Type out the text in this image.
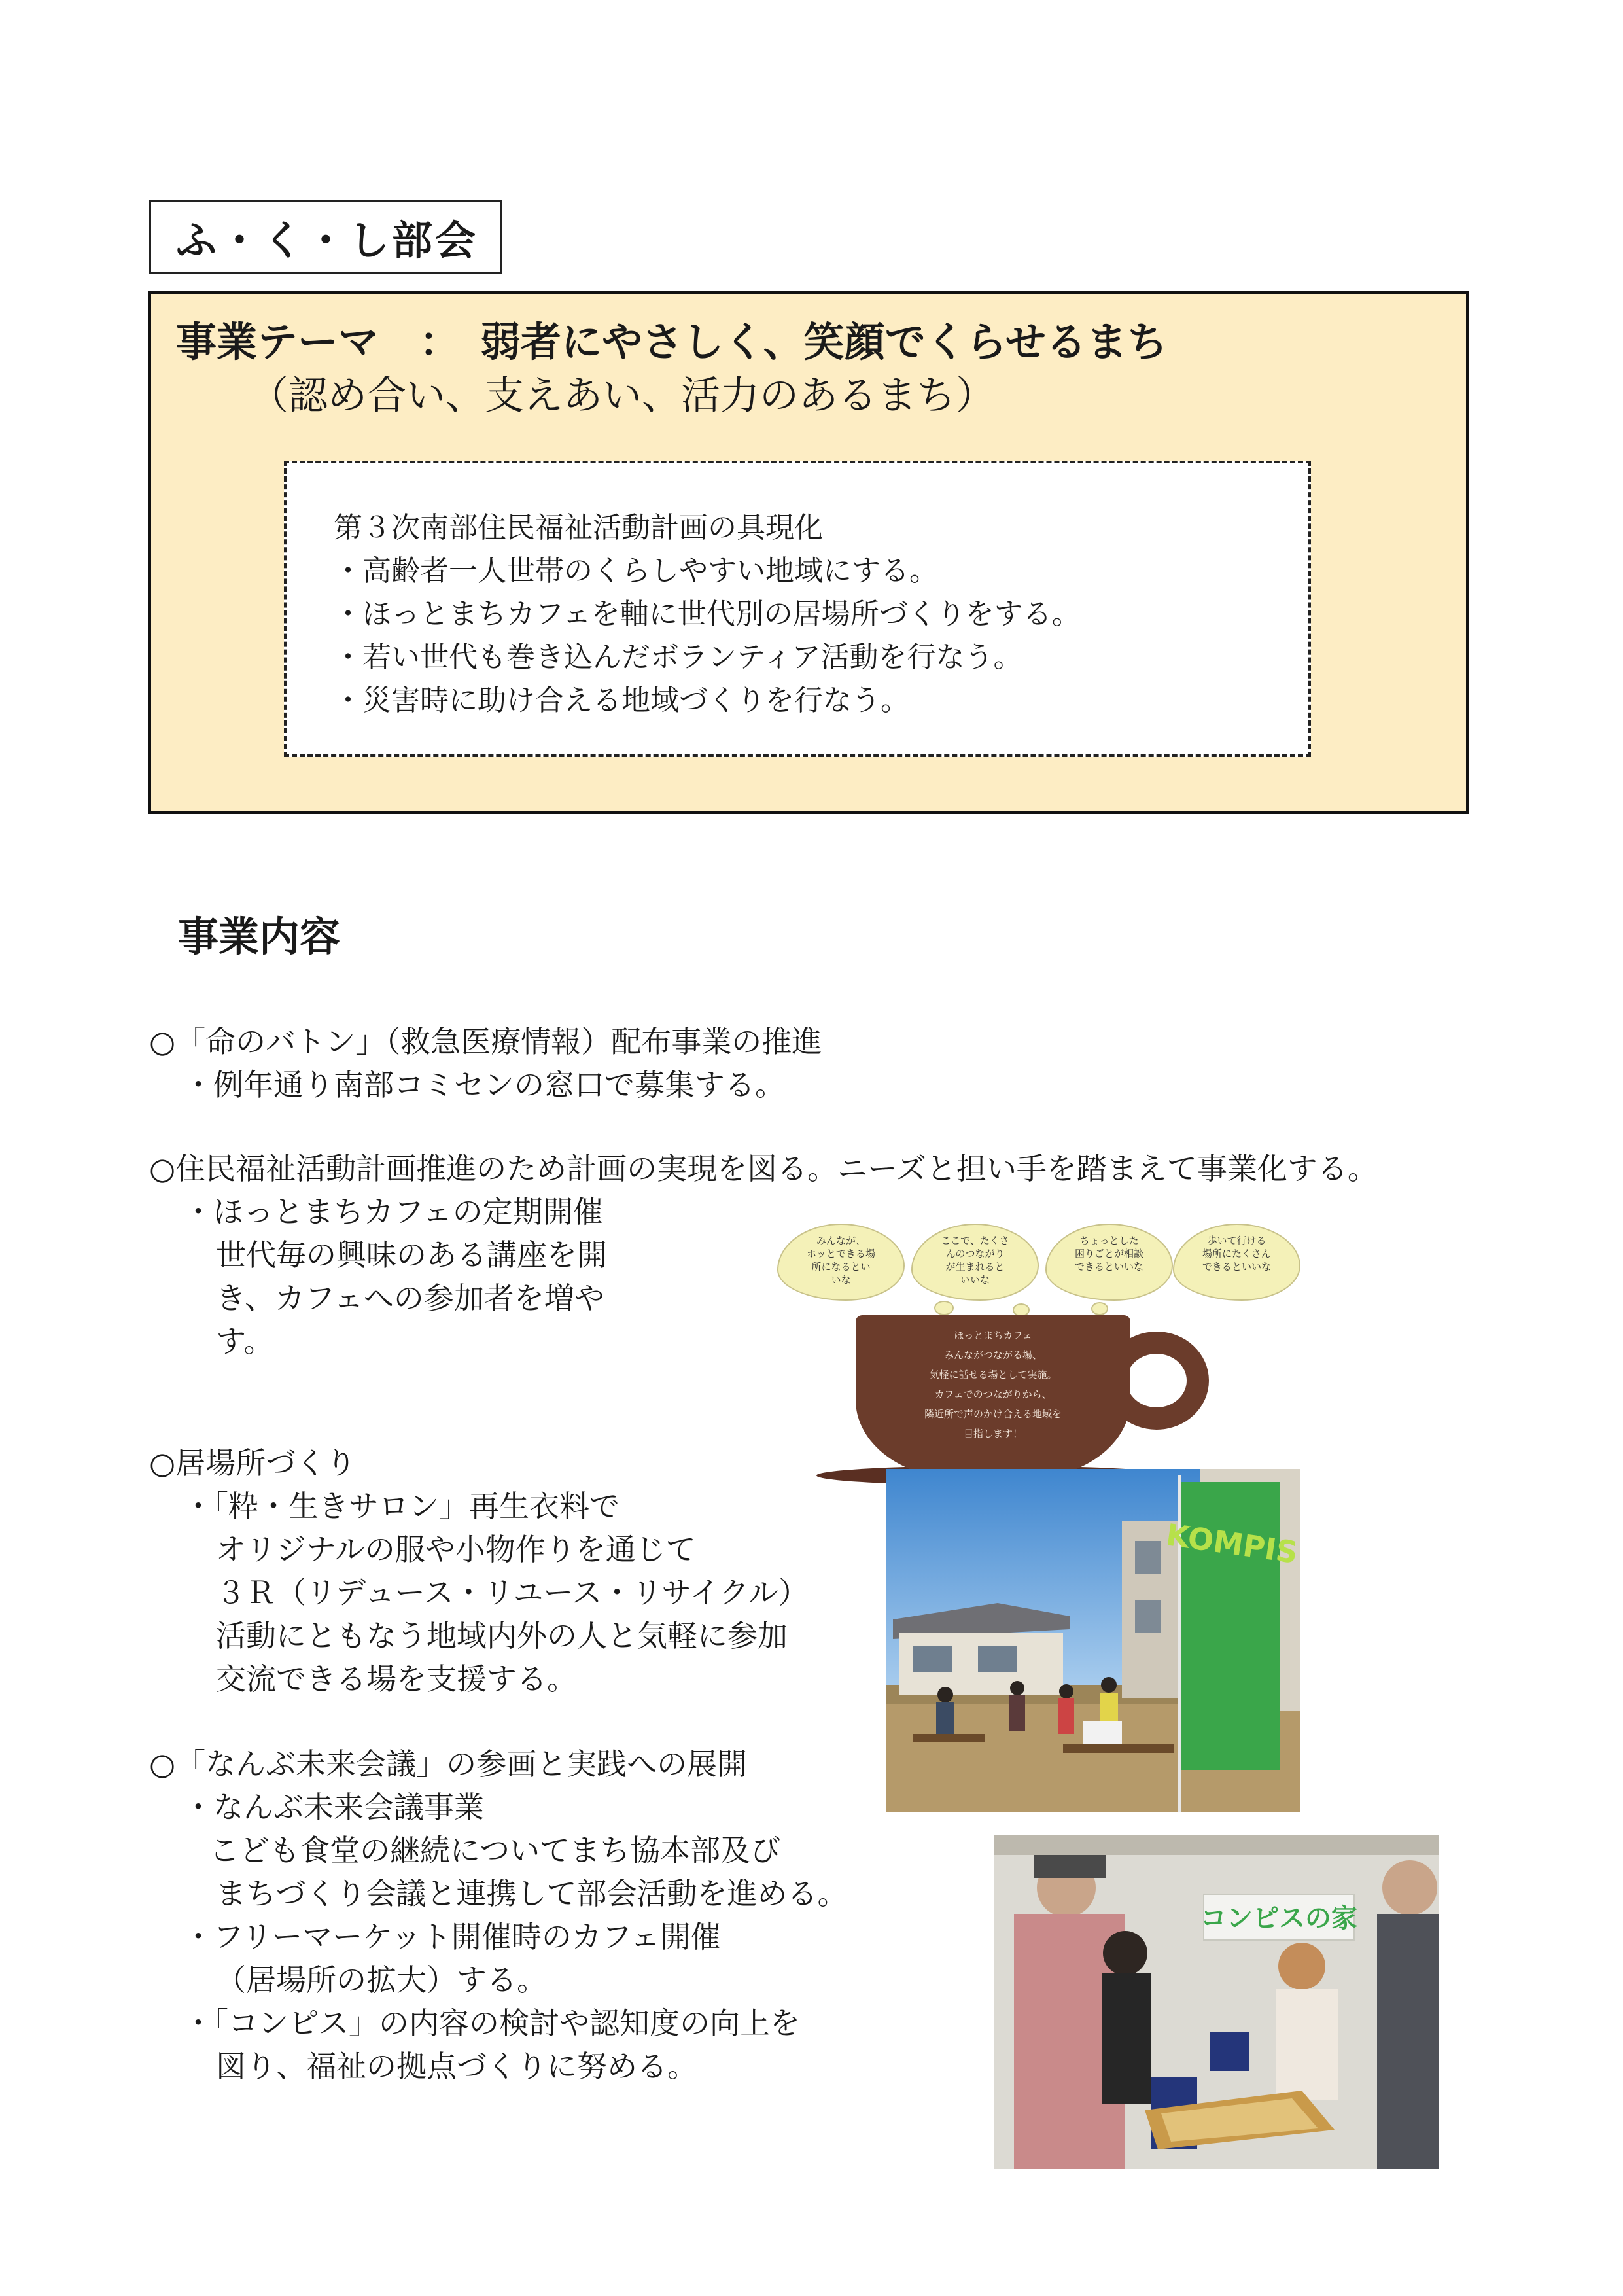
ふ・く・し部会
事業テーマ　：　弱者にやさしく、笑顔でくらせるまち
（認め合い、支えあい、活力のあるまち）
第３次南部住民福祉活動計画の具現化
・高齢者一人世帯のくらしやすい地域にする。
・ほっとまちカフェを軸に世代別の居場所づくりをする。
・若い世代も巻き込んだボランティア活動を行なう。
・災害時に助け合える地域づくりを行なう。
事業内容
○「命のバトン」（救急医療情報）配布事業の推進
・例年通り南部コミセンの窓口で募集する。
○住民福祉活動計画推進のため計画の実現を図る。ニーズと担い手を踏まえて事業化する。
・ほっとまちカフェの定期開催
世代毎の興味のある講座を開
き、カフェへの参加者を増や
す。
○居場所づくり
・「粋・生きサロン」再生衣料で
オリジナルの服や小物作りを通じて
３Ｒ（リデュース・リユース・リサイクル）
活動にともなう地域内外の人と気軽に参加
交流できる場を支援する。
○「なんぶ未来会議」の参画と実践への展開
・なんぶ未来会議事業
こども食堂の継続についてまち協本部及び
まちづくり会議と連携して部会活動を進める。
・フリーマーケット開催時のカフェ開催
（居場所の拡大）する。
・「コンピス」の内容の検討や認知度の向上を
図り、福祉の拠点づくりに努める。
みんなが、
ホッとできる場
所になるとい
いな
ここで、たくさ
んのつながり
が生まれると
いいな
ちょっとした
困りごとが相談
できるといいな
歩いて行ける
場所にたくさん
できるといいな
ほっとまちカフェ
みんながつながる場、
気軽に話せる場として実施。
カフェでのつながりから、
隣近所で声のかけ合える地域を
目指します！
KOMPIS
コンピスの家
